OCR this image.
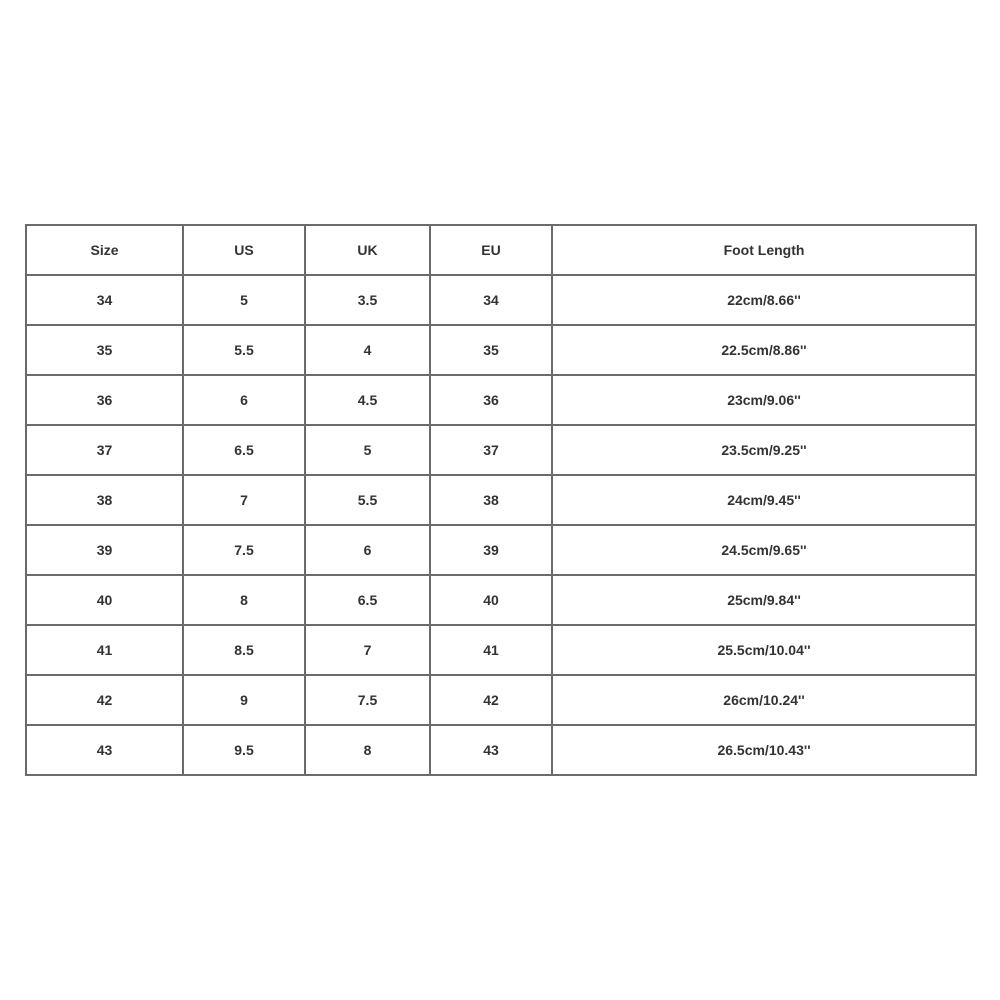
Size	US	UK	EU	Foot Length
34	5	3.5	34	22cm/8.66''
35	5.5	4	35	22.5cm/8.86''
36	6	4.5	36	23cm/9.06''
37	6.5	5	37	23.5cm/9.25''
38	7	5.5	38	24cm/9.45''
39	7.5	6	39	24.5cm/9.65''
40	8	6.5	40	25cm/9.84''
41	8.5	7	41	25.5cm/10.04''
42	9	7.5	42	26cm/10.24''
43	9.5	8	43	26.5cm/10.43''
